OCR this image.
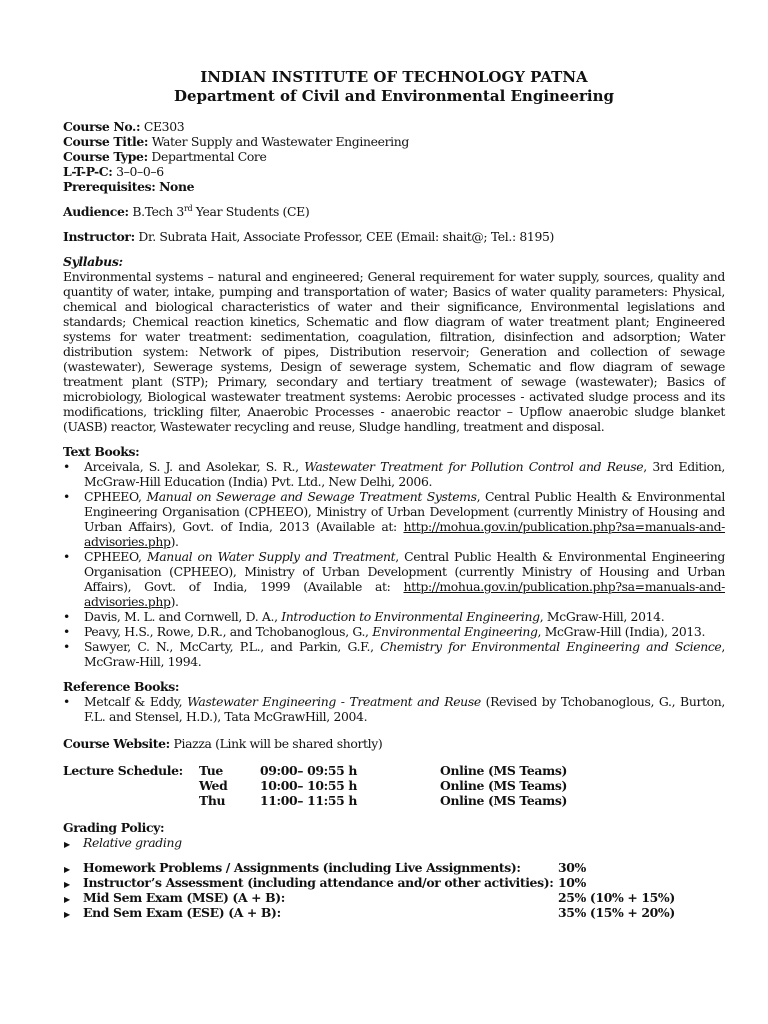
INDIAN INSTITUTE OF TECHNOLOGY PATNA

Department of Civil and Environmental Engineering

Course No.: CE303

Course Title: Water Supply and Wastewater Engineering

Course Type: Departmental Core

L-T-P-C: 3–0–0–6

Prerequisites: None

Audience: B.Tech 3rd Year Students (CE)

Instructor: Dr. Subrata Hait, Associate Professor, CEE (Email: shait@; Tel.: 8195)

Syllabus:

Environmental systems – natural and engineered; General requirement for water supply, sources, quality and quantity of water, intake, pumping and transportation of water; Basics of water quality parameters: Physical, chemical and biological characteristics of water and their significance, Environmental legislations and standards; Chemical reaction kinetics, Schematic and flow diagram of water treatment plant; Engineered systems for water treatment: sedimentation, coagulation, filtration, disinfection and adsorption; Water distribution system: Network of pipes, Distribution reservoir; Generation and collection of sewage (wastewater), Sewerage systems, Design of sewerage system, Schematic and flow diagram of sewage treatment plant (STP); Primary, secondary and tertiary treatment of sewage (wastewater); Basics of microbiology, Biological wastewater treatment systems: Aerobic processes - activated sludge process and its modifications, trickling filter, Anaerobic Processes - anaerobic reactor – Upflow anaerobic sludge blanket (UASB) reactor, Wastewater recycling and reuse, Sludge handling, treatment and disposal.

Text Books:

• Arceivala, S. J. and Asolekar, S. R., Wastewater Treatment for Pollution Control and Reuse, 3rd Edition, McGraw-Hill Education (India) Pvt. Ltd., New Delhi, 2006.
• CPHEEO, Manual on Sewerage and Sewage Treatment Systems, Central Public Health & Environmental Engineering Organisation (CPHEEO), Ministry of Urban Development (currently Ministry of Housing and Urban Affairs), Govt. of India, 2013 (Available at: http://mohua.gov.in/publication.php?sa=manuals-and-advisories.php).
• CPHEEO, Manual on Water Supply and Treatment, Central Public Health & Environmental Engineering Organisation (CPHEEO), Ministry of Urban Development (currently Ministry of Housing and Urban Affairs), Govt. of India, 1999 (Available at: http://mohua.gov.in/publication.php?sa=manuals-and-advisories.php).
• Davis, M. L. and Cornwell, D. A., Introduction to Environmental Engineering, McGraw-Hill, 2014.
• Peavy, H.S., Rowe, D.R., and Tchobanoglous, G., Environmental Engineering, McGraw-Hill (India), 2013.
• Sawyer, C. N., McCarty, P.L., and Parkin, G.F., Chemistry for Environmental Engineering and Science, McGraw-Hill, 1994.

Reference Books:

• Metcalf & Eddy, Wastewater Engineering - Treatment and Reuse (Revised by Tchobanoglous, G., Burton, F.L. and Stensel, H.D.), Tata McGrawHill, 2004.

Course Website: Piazza (Link will be shared shortly)

Lecture Schedule:	Tue	09:00– 09:55 h	Online (MS Teams)
Wed	10:00– 10:55 h	Online (MS Teams)
Thu	11:00– 11:55 h	Online (MS Teams)

Grading Policy:

▶ Relative grading

▶ Homework Problems / Assignments (including Live Assignments):	30%
▶ Instructor’s Assessment (including attendance and/or other activities): 10%
▶ Mid Sem Exam (MSE) (A + B):	25% (10% + 15%)
▶ End Sem Exam (ESE) (A + B):	35% (15% + 20%)
